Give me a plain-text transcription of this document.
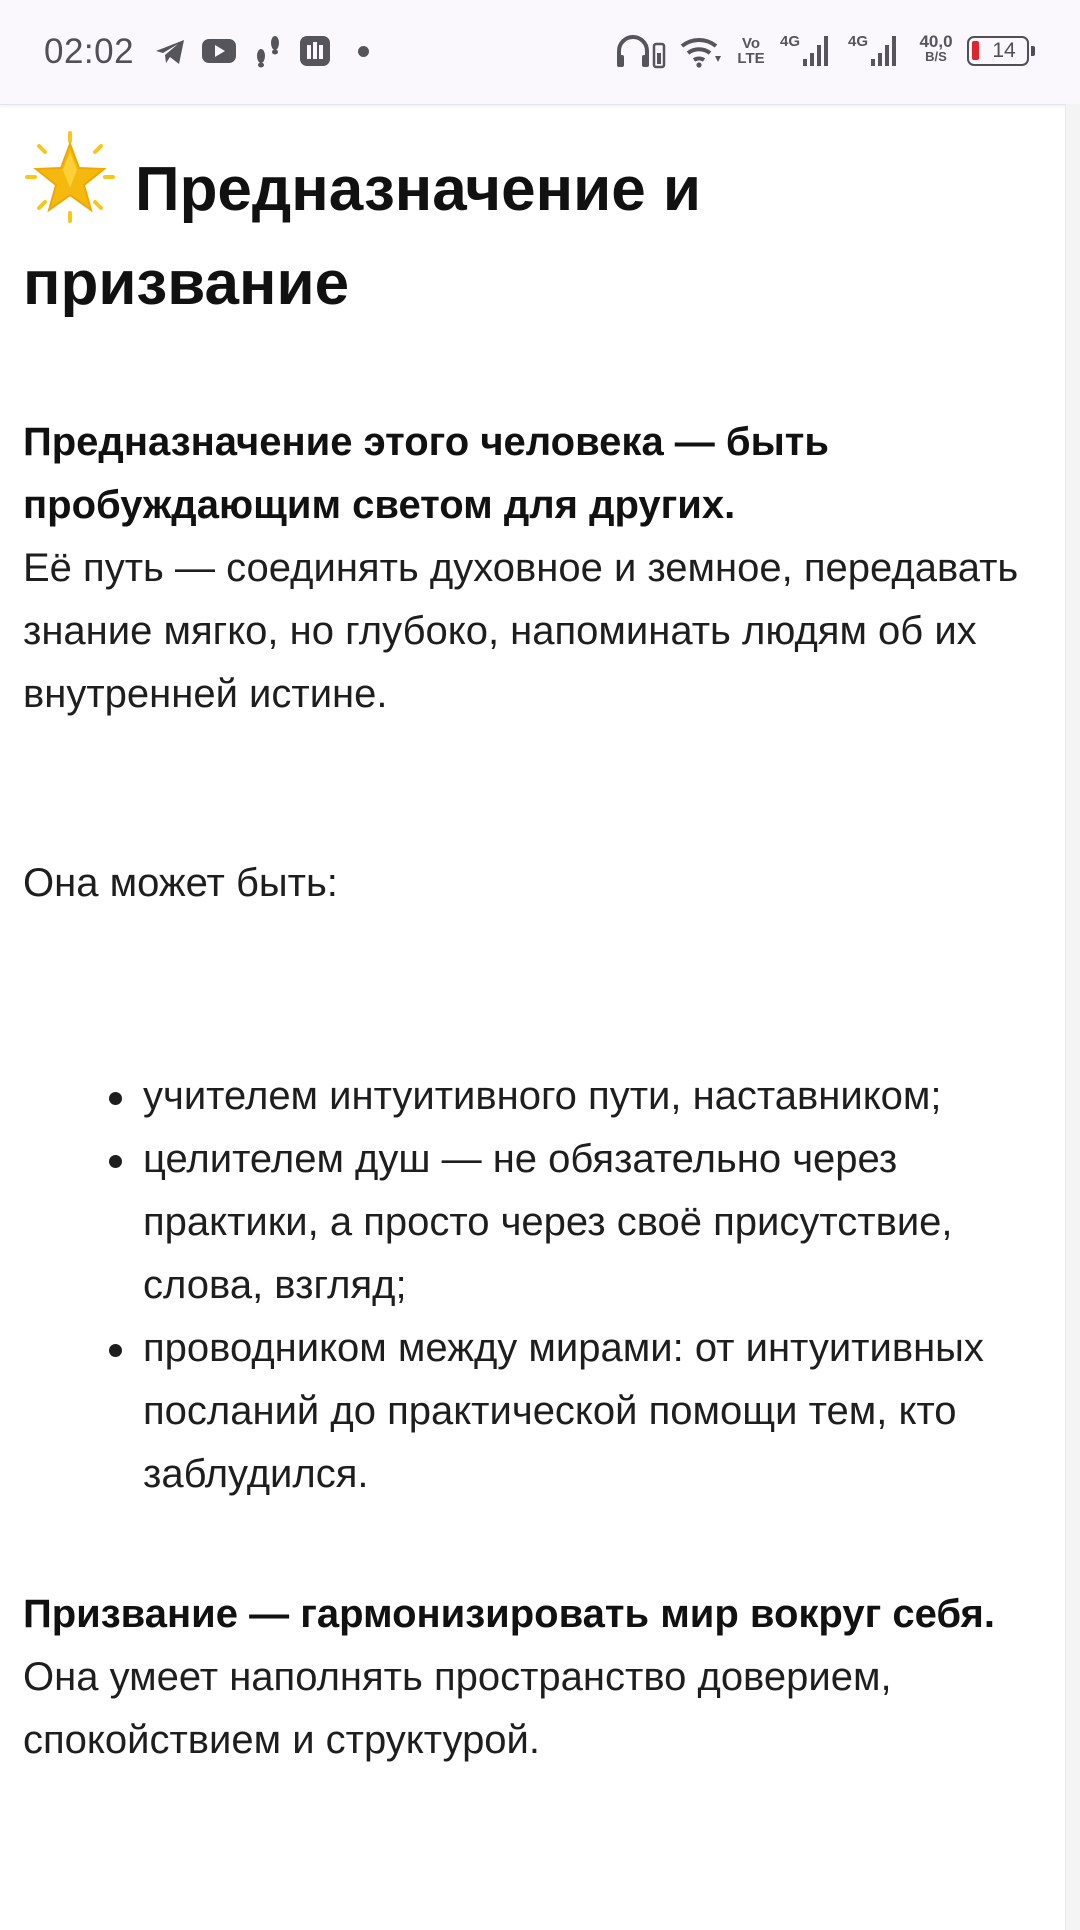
02:02	Vo
LTE
4G	4G	40,0
B/S	14
Предназначение и призвание

Предназначение этого человека — быть пробуждающим светом для других.
Её путь — соединять духовное и земное, передавать знание мягко, но глубоко, напоминать людям об их внутренней истине.

Она может быть:

учителем интуитивного пути, наставником;
целителем душ — не обязательно через практики, а просто через своё присутствие, слова, взгляд;
проводником между мирами: от интуитивных посланий до практической помощи тем, кто заблудился.

Призвание — гармонизировать мир вокруг себя. Она умеет наполнять пространство доверием, спокойствием и структурой.
